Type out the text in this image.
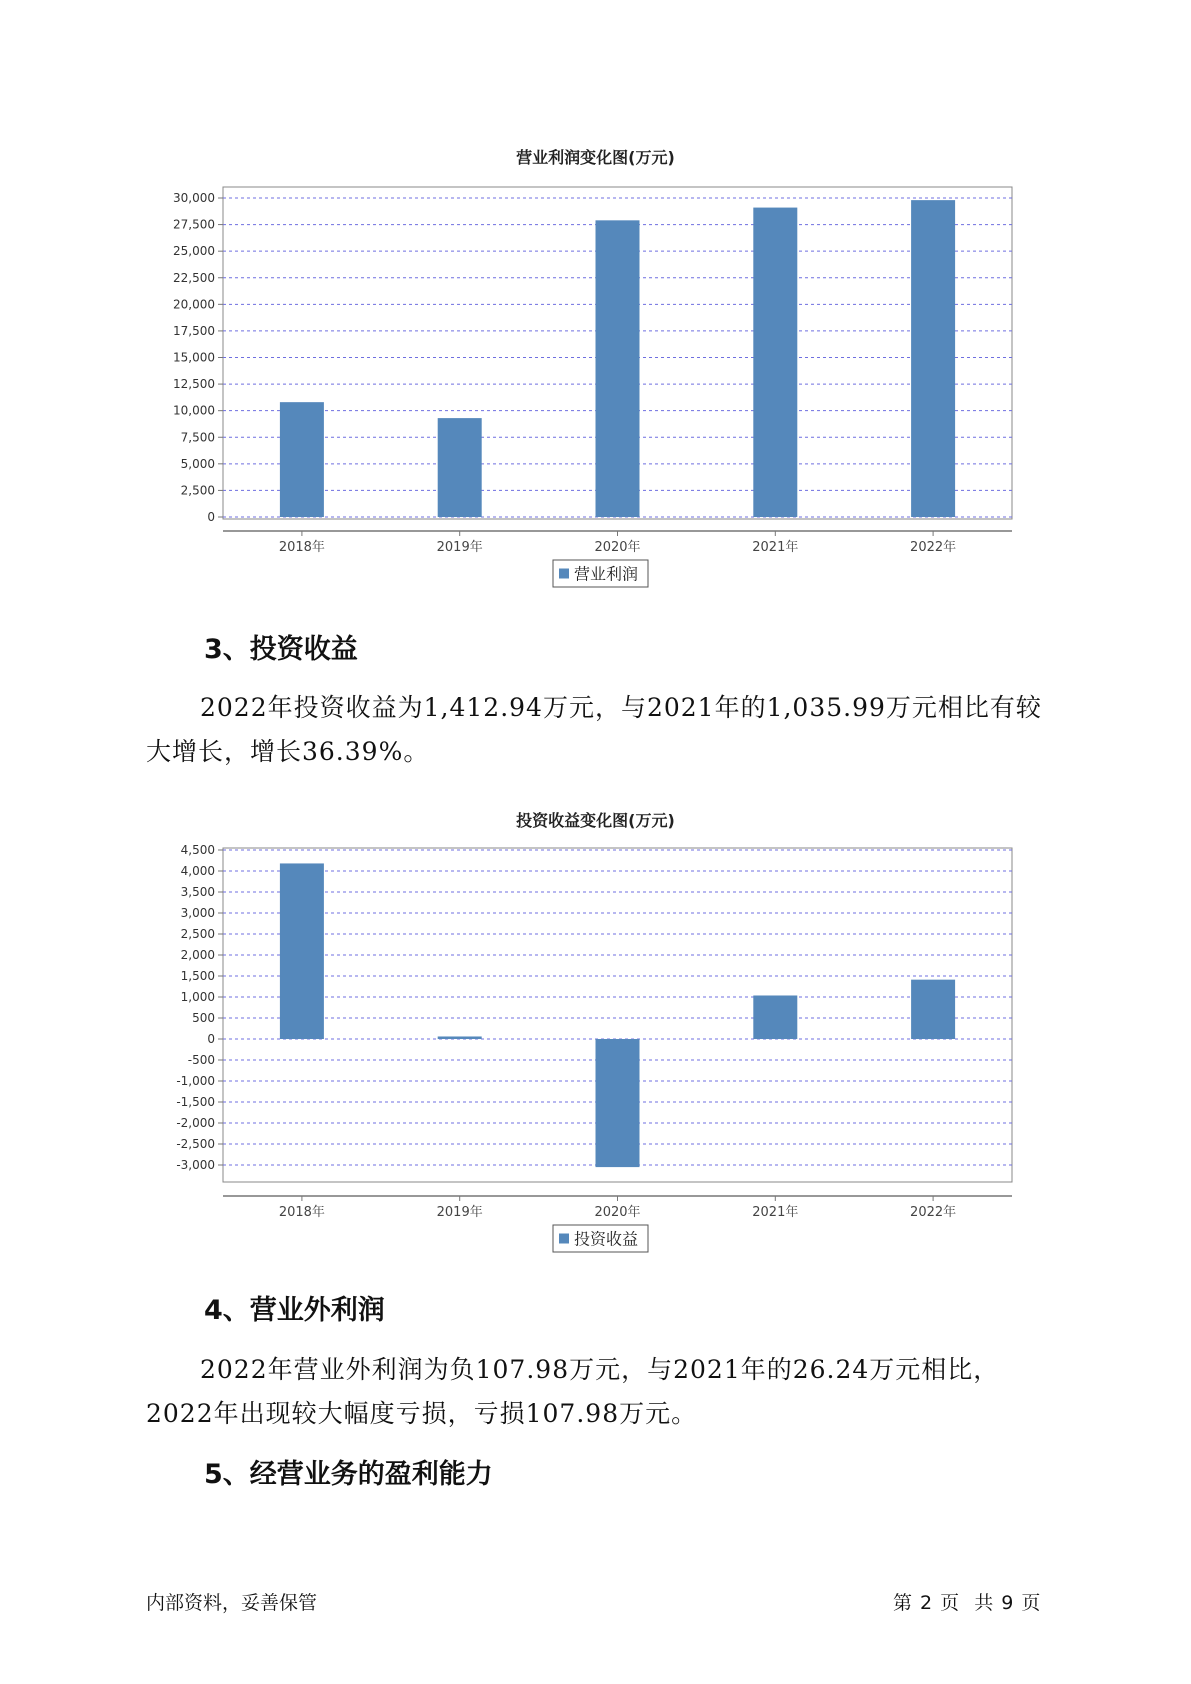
营业利润变化图(万元)
0
2,500
5,000
7,500
10,000
12,500
15,000
17,500
20,000
22,500
25,000
27,500
30,000
2018年	2019年	2020年	2021年	2022年
营业利润
3、投资收益

2022年投资收益为1,412.94万元，与2021年的1,035.99万元相比有较大增长，增长36.39%。

投资收益变化图(万元)
-3,000
-2,500
-2,000
-1,500
-1,000
-500
0
500
1,000
1,500
2,000
2,500
3,000
3,500
4,000
4,500
2018年	2019年	2020年	2021年	2022年
投资收益
4、营业外利润

2022年营业外利润为负107.98万元，与2021年的26.24万元相比，2022年出现较大幅度亏损，亏损107.98万元。

5、经营业务的盈利能力
内部资料，妥善保管	第 2 页  共 9 页
